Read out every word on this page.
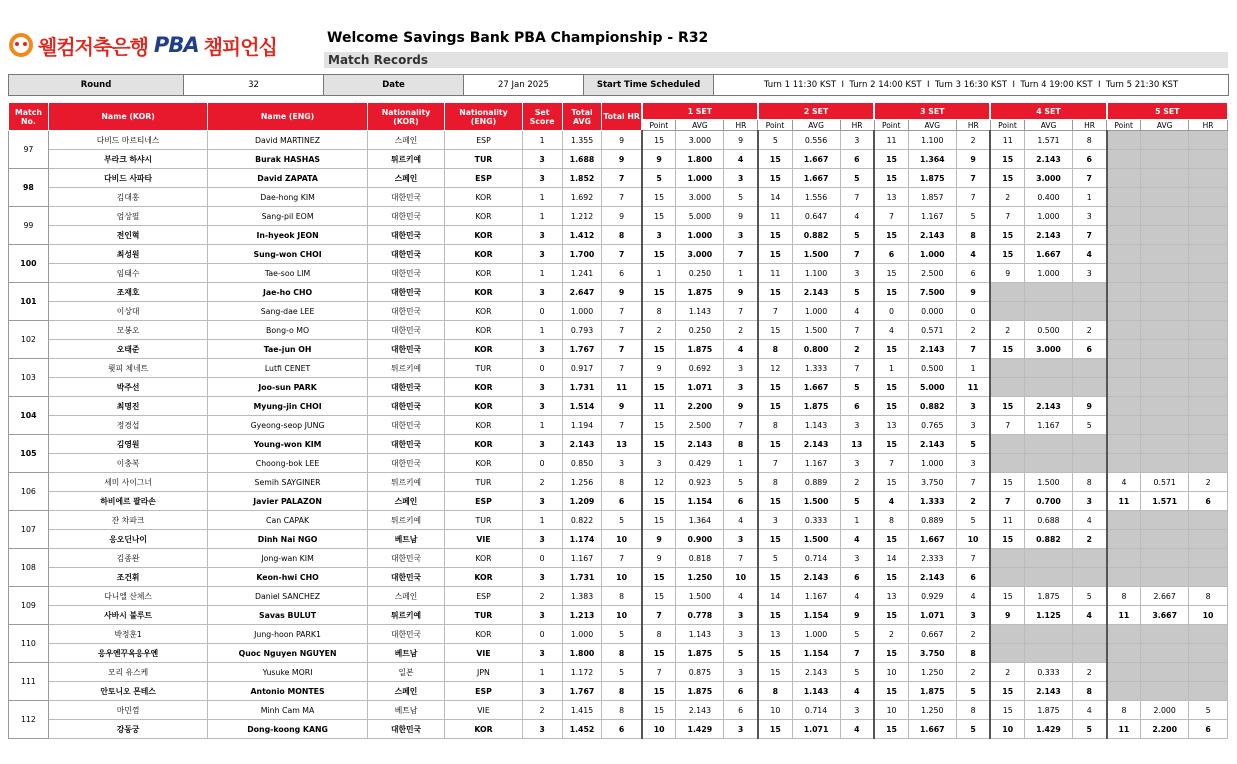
웰컴저축은행 PBA 챔피언십	Welcome Savings Bank PBA Championship - R32
Match Records
Round	32	Date	27 Jan 2025	Start Time Scheduled	Turn 1 11:30 KST  I  Turn 2 14:00 KST  I  Turn 3 16:30 KST  I  Turn 4 19:00 KST  I  Turn 5 21:30 KST
Match No.	Name (KOR)	Name (ENG)	Nationality (KOR)	Nationality (ENG)	Set Score	Total AVG	Total HR	1 SET			2 SET			3 SET			4 SET			5 SET		
								Point	AVG	HR	Point	AVG	HR	Point	AVG	HR	Point	AVG	HR	Point	AVG	HR
97	다비드 마르티네스	David MARTINEZ	스페인	ESP	1	1.355	9	15	3.000	9	5	0.556	3	11	1.100	2	11	1.571	8			
	부라크 하샤시	Burak HASHAS	튀르키예	TUR	3	1.688	9	9	1.800	4	15	1.667	6	15	1.364	9	15	2.143	6			
98	다비드 사파타	David ZAPATA	스페인	ESP	3	1.852	7	5	1.000	3	15	1.667	5	15	1.875	7	15	3.000	7			
	김대홍	Dae-hong KIM	대한민국	KOR	1	1.692	7	15	3.000	5	14	1.556	7	13	1.857	7	2	0.400	1			
99	엄상필	Sang-pil EOM	대한민국	KOR	1	1.212	9	15	5.000	9	11	0.647	4	7	1.167	5	7	1.000	3			
	전인혁	In-hyeok JEON	대한민국	KOR	3	1.412	8	3	1.000	3	15	0.882	5	15	2.143	8	15	2.143	7			
100	최성원	Sung-won CHOI	대한민국	KOR	3	1.700	7	15	3.000	7	15	1.500	7	6	1.000	4	15	1.667	4			
	임태수	Tae-soo LIM	대한민국	KOR	1	1.241	6	1	0.250	1	11	1.100	3	15	2.500	6	9	1.000	3			
101	조재호	Jae-ho CHO	대한민국	KOR	3	2.647	9	15	1.875	9	15	2.143	5	15	7.500	9						
	이상대	Sang-dae LEE	대한민국	KOR	0	1.000	7	8	1.143	7	7	1.000	4	0	0.000	0						
102	모봉오	Bong-o MO	대한민국	KOR	1	0.793	7	2	0.250	2	15	1.500	7	4	0.571	2	2	0.500	2			
	오태준	Tae-jun OH	대한민국	KOR	3	1.767	7	15	1.875	4	8	0.800	2	15	2.143	7	15	3.000	6			
103	륏피 체네트	Lutfi CENET	튀르키예	TUR	0	0.917	7	9	0.692	3	12	1.333	7	1	0.500	1						
	박주선	Joo-sun PARK	대한민국	KOR	3	1.731	11	15	1.071	3	15	1.667	5	15	5.000	11						
104	최명진	Myung-jin CHOI	대한민국	KOR	3	1.514	9	11	2.200	9	15	1.875	6	15	0.882	3	15	2.143	9			
	정경섭	Gyeong-seop JUNG	대한민국	KOR	1	1.194	7	15	2.500	7	8	1.143	3	13	0.765	3	7	1.167	5			
105	김영원	Young-won KIM	대한민국	KOR	3	2.143	13	15	2.143	8	15	2.143	13	15	2.143	5						
	이충복	Choong-bok LEE	대한민국	KOR	0	0.850	3	3	0.429	1	7	1.167	3	7	1.000	3						
106	세미 사이그너	Semih SAYGINER	튀르키예	TUR	2	1.256	8	12	0.923	5	8	0.889	2	15	3.750	7	15	1.500	8	4	0.571	2
	하비에르 팔라손	Javier PALAZON	스페인	ESP	3	1.209	6	15	1.154	6	15	1.500	5	4	1.333	2	7	0.700	3	11	1.571	6
107	잔 차파크	Can CAPAK	튀르키예	TUR	1	0.822	5	15	1.364	4	3	0.333	1	8	0.889	5	11	0.688	4			
	응오딘나이	Dinh Nai NGO	베트남	VIE	3	1.174	10	9	0.900	3	15	1.500	4	15	1.667	10	15	0.882	2			
108	김종완	Jong-wan KIM	대한민국	KOR	0	1.167	7	9	0.818	7	5	0.714	3	14	2.333	7						
	조건휘	Keon-hwi CHO	대한민국	KOR	3	1.731	10	15	1.250	10	15	2.143	6	15	2.143	6						
109	다니엘 산체스	Daniel SANCHEZ	스페인	ESP	2	1.383	8	15	1.500	4	14	1.167	4	13	0.929	4	15	1.875	5	8	2.667	8
	사바시 불루트	Savas BULUT	튀르키예	TUR	3	1.213	10	7	0.778	3	15	1.154	9	15	1.071	3	9	1.125	4	11	3.667	10
110	박정훈1	Jung-hoon PARK1	대한민국	KOR	0	1.000	5	8	1.143	3	13	1.000	5	2	0.667	2						
	응우옌꾸옥응우옌	Quoc Nguyen NGUYEN	베트남	VIE	3	1.800	8	15	1.875	5	15	1.154	7	15	3.750	8						
111	모리 유스케	Yusuke MORI	일본	JPN	1	1.172	5	7	0.875	3	15	2.143	5	10	1.250	2	2	0.333	2			
	안토니오 몬테스	Antonio MONTES	스페인	ESP	3	1.767	8	15	1.875	6	8	1.143	4	15	1.875	5	15	2.143	8			
112	마민껌	Minh Cam MA	베트남	VIE	2	1.415	8	15	2.143	6	10	0.714	3	10	1.250	8	15	1.875	4	8	2.000	5
	강동궁	Dong-koong KANG	대한민국	KOR	3	1.452	6	10	1.429	3	15	1.071	4	15	1.667	5	10	1.429	5	11	2.200	6
